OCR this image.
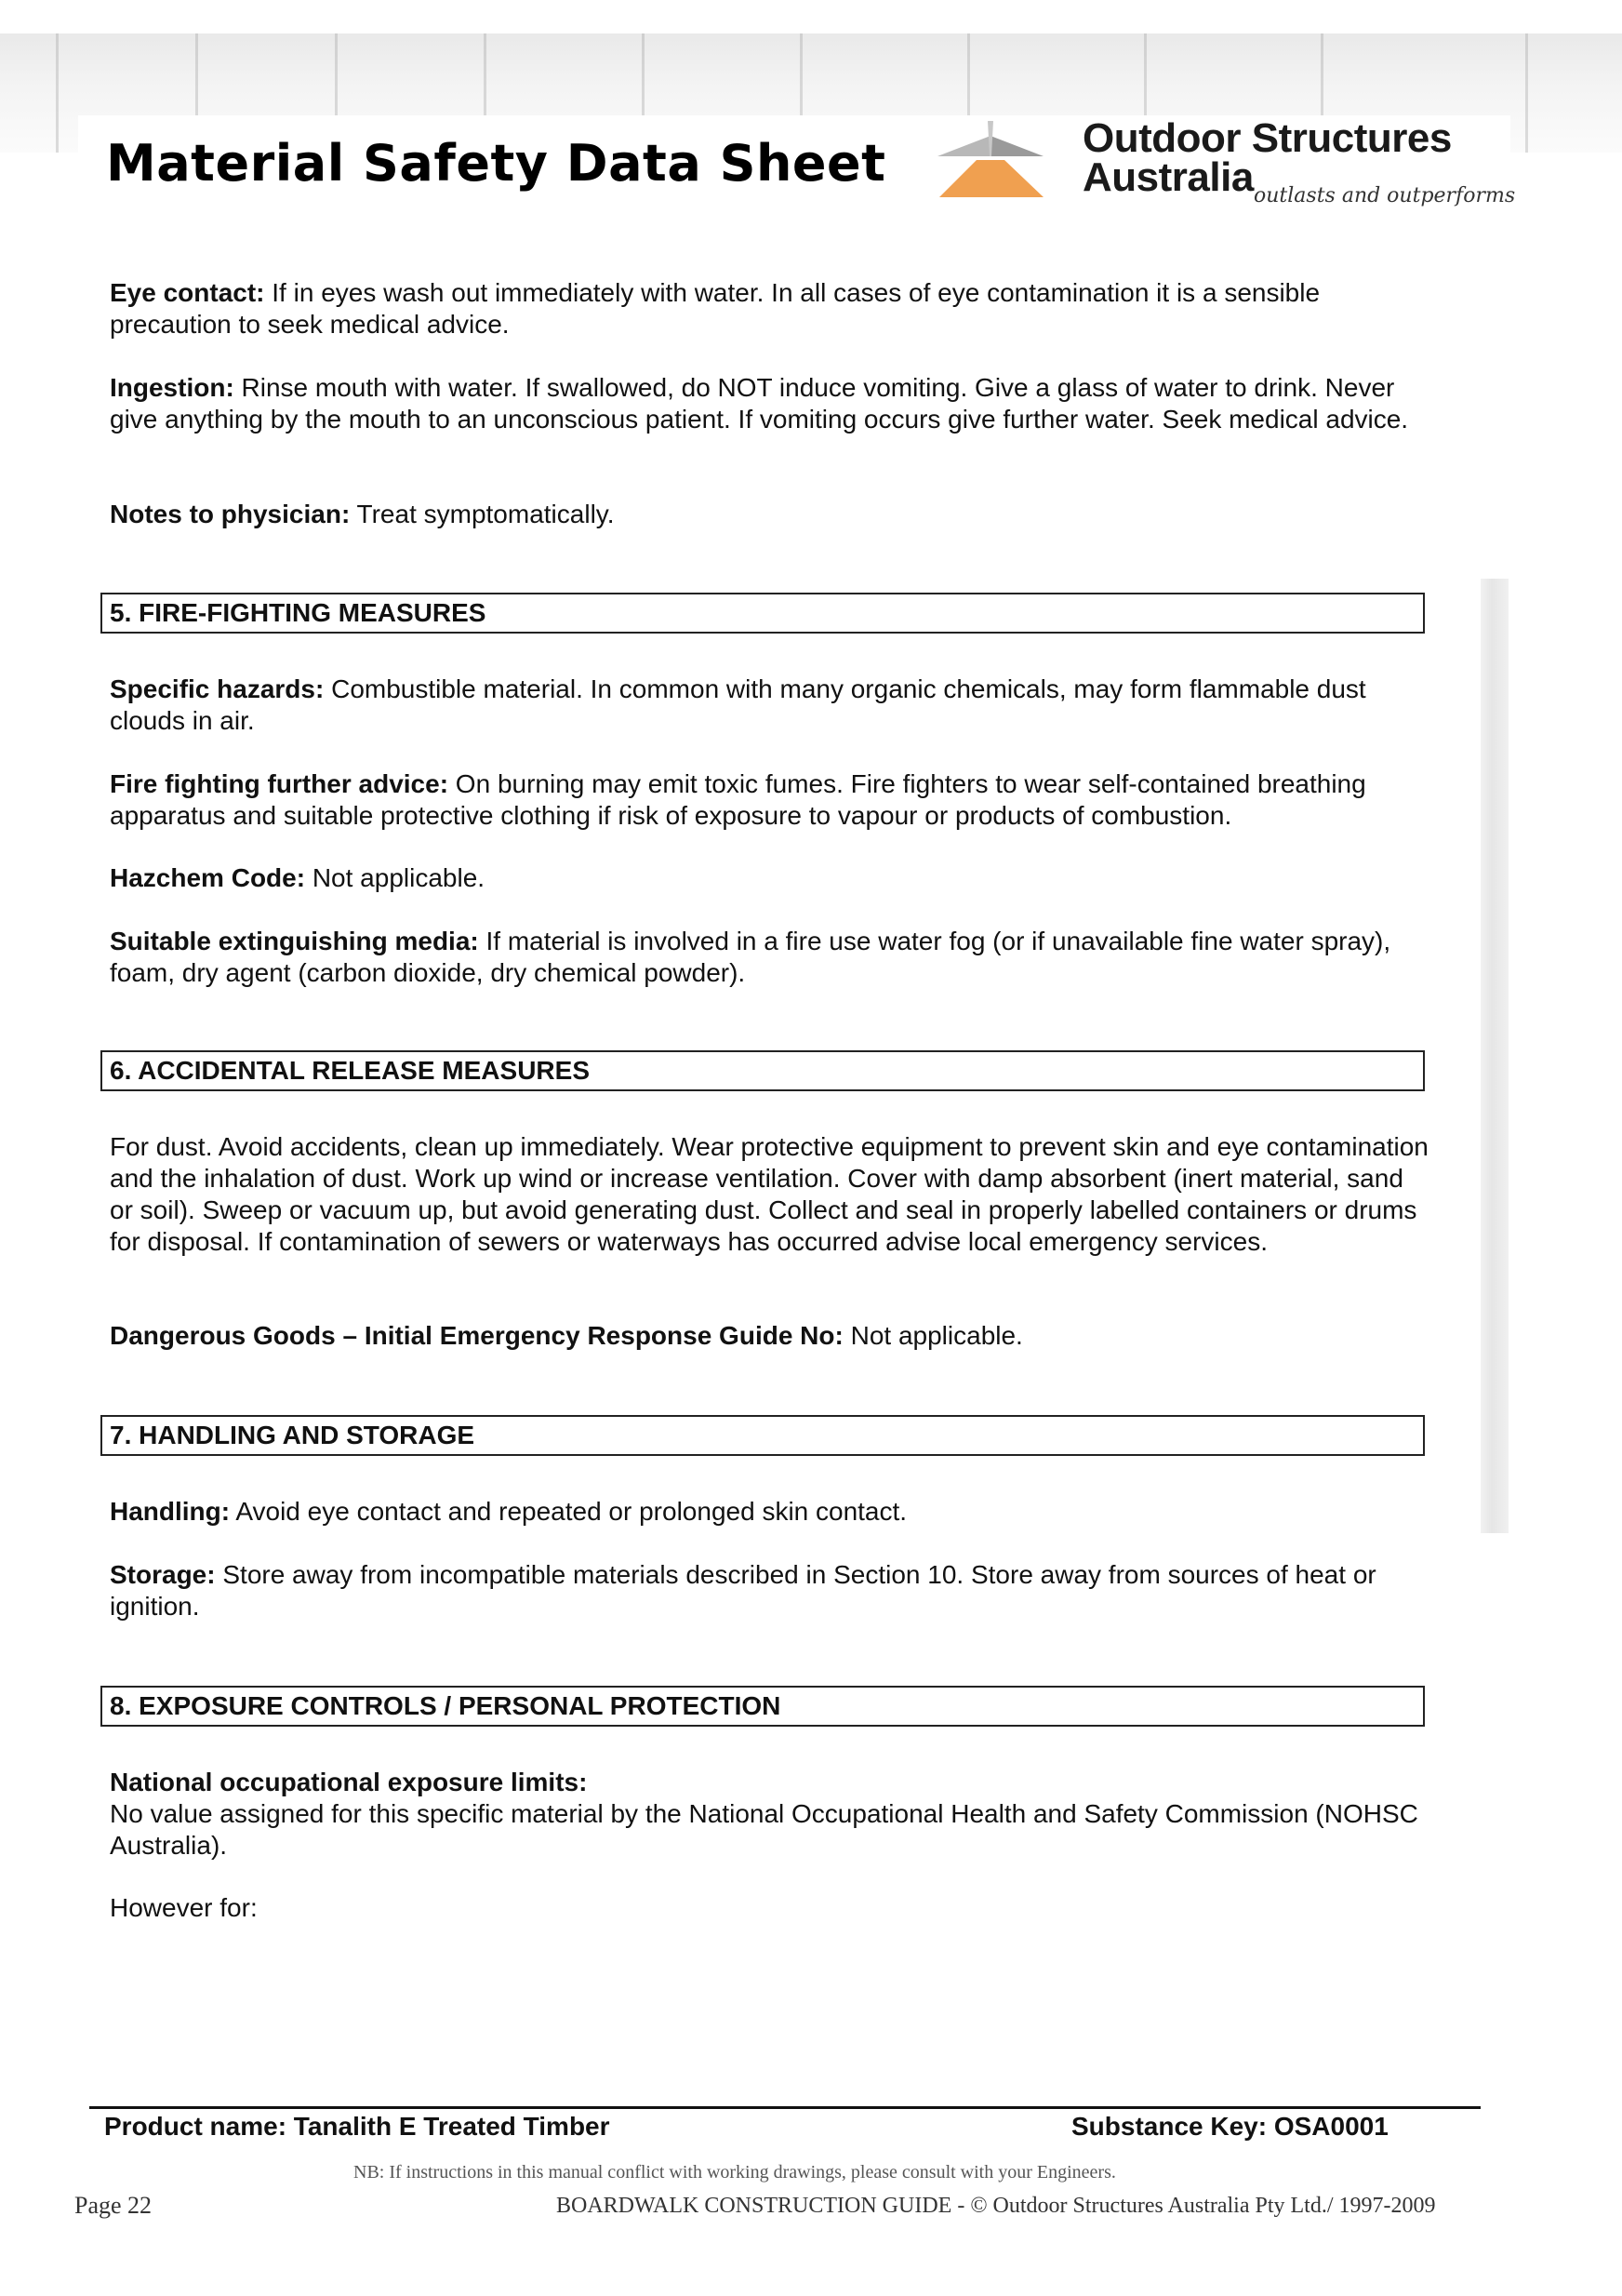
Material Safety Data Sheet	Outdoor Structures
Australia outlasts and outperforms
Eye contact: If in eyes wash out immediately with water. In all cases of eye contamination it is a sensible precaution to seek medical advice.
Ingestion: Rinse mouth with water. If swallowed, do NOT induce vomiting. Give a glass of water to drink. Never give anything by the mouth to an unconscious patient. If vomiting occurs give further water. Seek medical advice.
Notes to physician: Treat symptomatically.
5. FIRE-FIGHTING MEASURES
Specific hazards: Combustible material. In common with many organic chemicals, may form flammable dust clouds in air.
Fire fighting further advice: On burning may emit toxic fumes. Fire fighters to wear self-contained breathing apparatus and suitable protective clothing if risk of exposure to vapour or products of combustion.
Hazchem Code: Not applicable.
Suitable extinguishing media: If material is involved in a fire use water fog (or if unavailable fine water spray), foam, dry agent (carbon dioxide, dry chemical powder).
6. ACCIDENTAL RELEASE MEASURES
For dust. Avoid accidents, clean up immediately. Wear protective equipment to prevent skin and eye contamination and the inhalation of dust. Work up wind or increase ventilation. Cover with damp absorbent (inert material, sand or soil). Sweep or vacuum up, but avoid generating dust. Collect and seal in properly labelled containers or drums for disposal. If contamination of sewers or waterways has occurred advise local emergency services.
Dangerous Goods – Initial Emergency Response Guide No: Not applicable.
7. HANDLING AND STORAGE
Handling: Avoid eye contact and repeated or prolonged skin contact.
Storage: Store away from incompatible materials described in Section 10. Store away from sources of heat or ignition.
8. EXPOSURE CONTROLS / PERSONAL PROTECTION
National occupational exposure limits:
No value assigned for this specific material by the National Occupational Health and Safety Commission (NOHSC Australia).
However for:
Product name: Tanalith E Treated Timber	Substance Key: OSA0001
NB: If instructions in this manual conflict with working drawings, please consult with your Engineers.
Page 22	BOARDWALK CONSTRUCTION GUIDE - © Outdoor Structures Australia Pty Ltd./ 1997-2009
